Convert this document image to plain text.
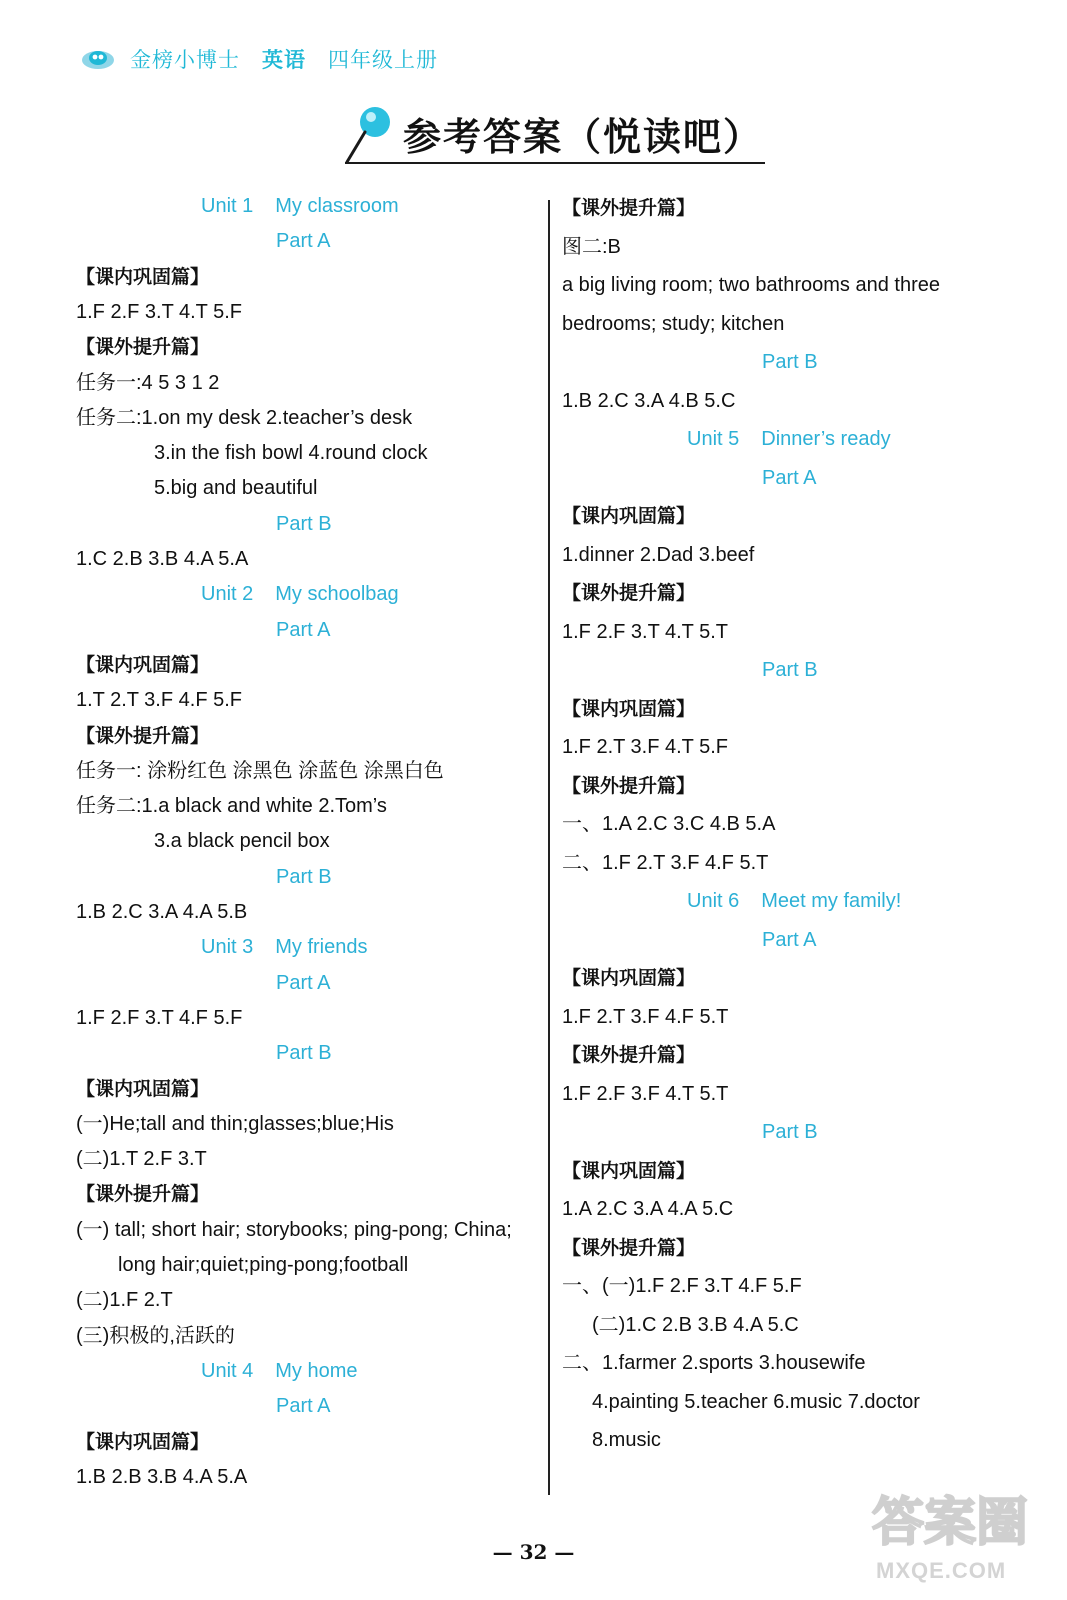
金榜小博士 英语 四年级上册
参考答案（悦读吧）
Unit 1 My classroom
Part A
【课内巩固篇】
1.F 2.F 3.T 4.T 5.F
【课外提升篇】
任务一:4 5 3 1 2
任务二:1.on my desk 2.teacher’s desk
3.in the fish bowl 4.round clock
5.big and beautiful
Part B
1.C 2.B 3.B 4.A 5.A
Unit 2 My schoolbag
Part A
【课内巩固篇】
1.T 2.T 3.F 4.F 5.F
【课外提升篇】
任务一: 涂粉红色 涂黑色 涂蓝色 涂黑白色
任务二:1.a black and white 2.Tom’s
3.a black pencil box
Part B
1.B 2.C 3.A 4.A 5.B
Unit 3 My friends
Part A
1.F 2.F 3.T 4.F 5.F
Part B
【课内巩固篇】
(一)He;tall and thin;glasses;blue;His
(二)1.T 2.F 3.T
【课外提升篇】
(一) tall; short hair; storybooks; ping-pong; China;
long hair;quiet;ping-pong;football
(二)1.F 2.T
(三)积极的,活跃的
Unit 4 My home
Part A
【课内巩固篇】
1.B 2.B 3.B 4.A 5.A
【课外提升篇】
图二:B
a big living room; two bathrooms and three
bedrooms; study; kitchen
Part B
1.B 2.C 3.A 4.B 5.C
Unit 5 Dinner’s ready
Part A
【课内巩固篇】
1.dinner 2.Dad 3.beef
【课外提升篇】
1.F 2.F 3.T 4.T 5.T
Part B
【课内巩固篇】
1.F 2.T 3.F 4.T 5.F
【课外提升篇】
一、1.A 2.C 3.C 4.B 5.A
二、1.F 2.T 3.F 4.F 5.T
Unit 6 Meet my family!
Part A
【课内巩固篇】
1.F 2.T 3.F 4.F 5.T
【课外提升篇】
1.F 2.F 3.F 4.T 5.T
Part B
【课内巩固篇】
1.A 2.C 3.A 4.A 5.C
【课外提升篇】
一、(一)1.F 2.F 3.T 4.F 5.F
(二)1.C 2.B 3.B 4.A 5.C
二、1.farmer 2.sports 3.housewife
4.painting 5.teacher 6.music 7.doctor
8.music
— 32 —	答案圈
MXQE.COM
